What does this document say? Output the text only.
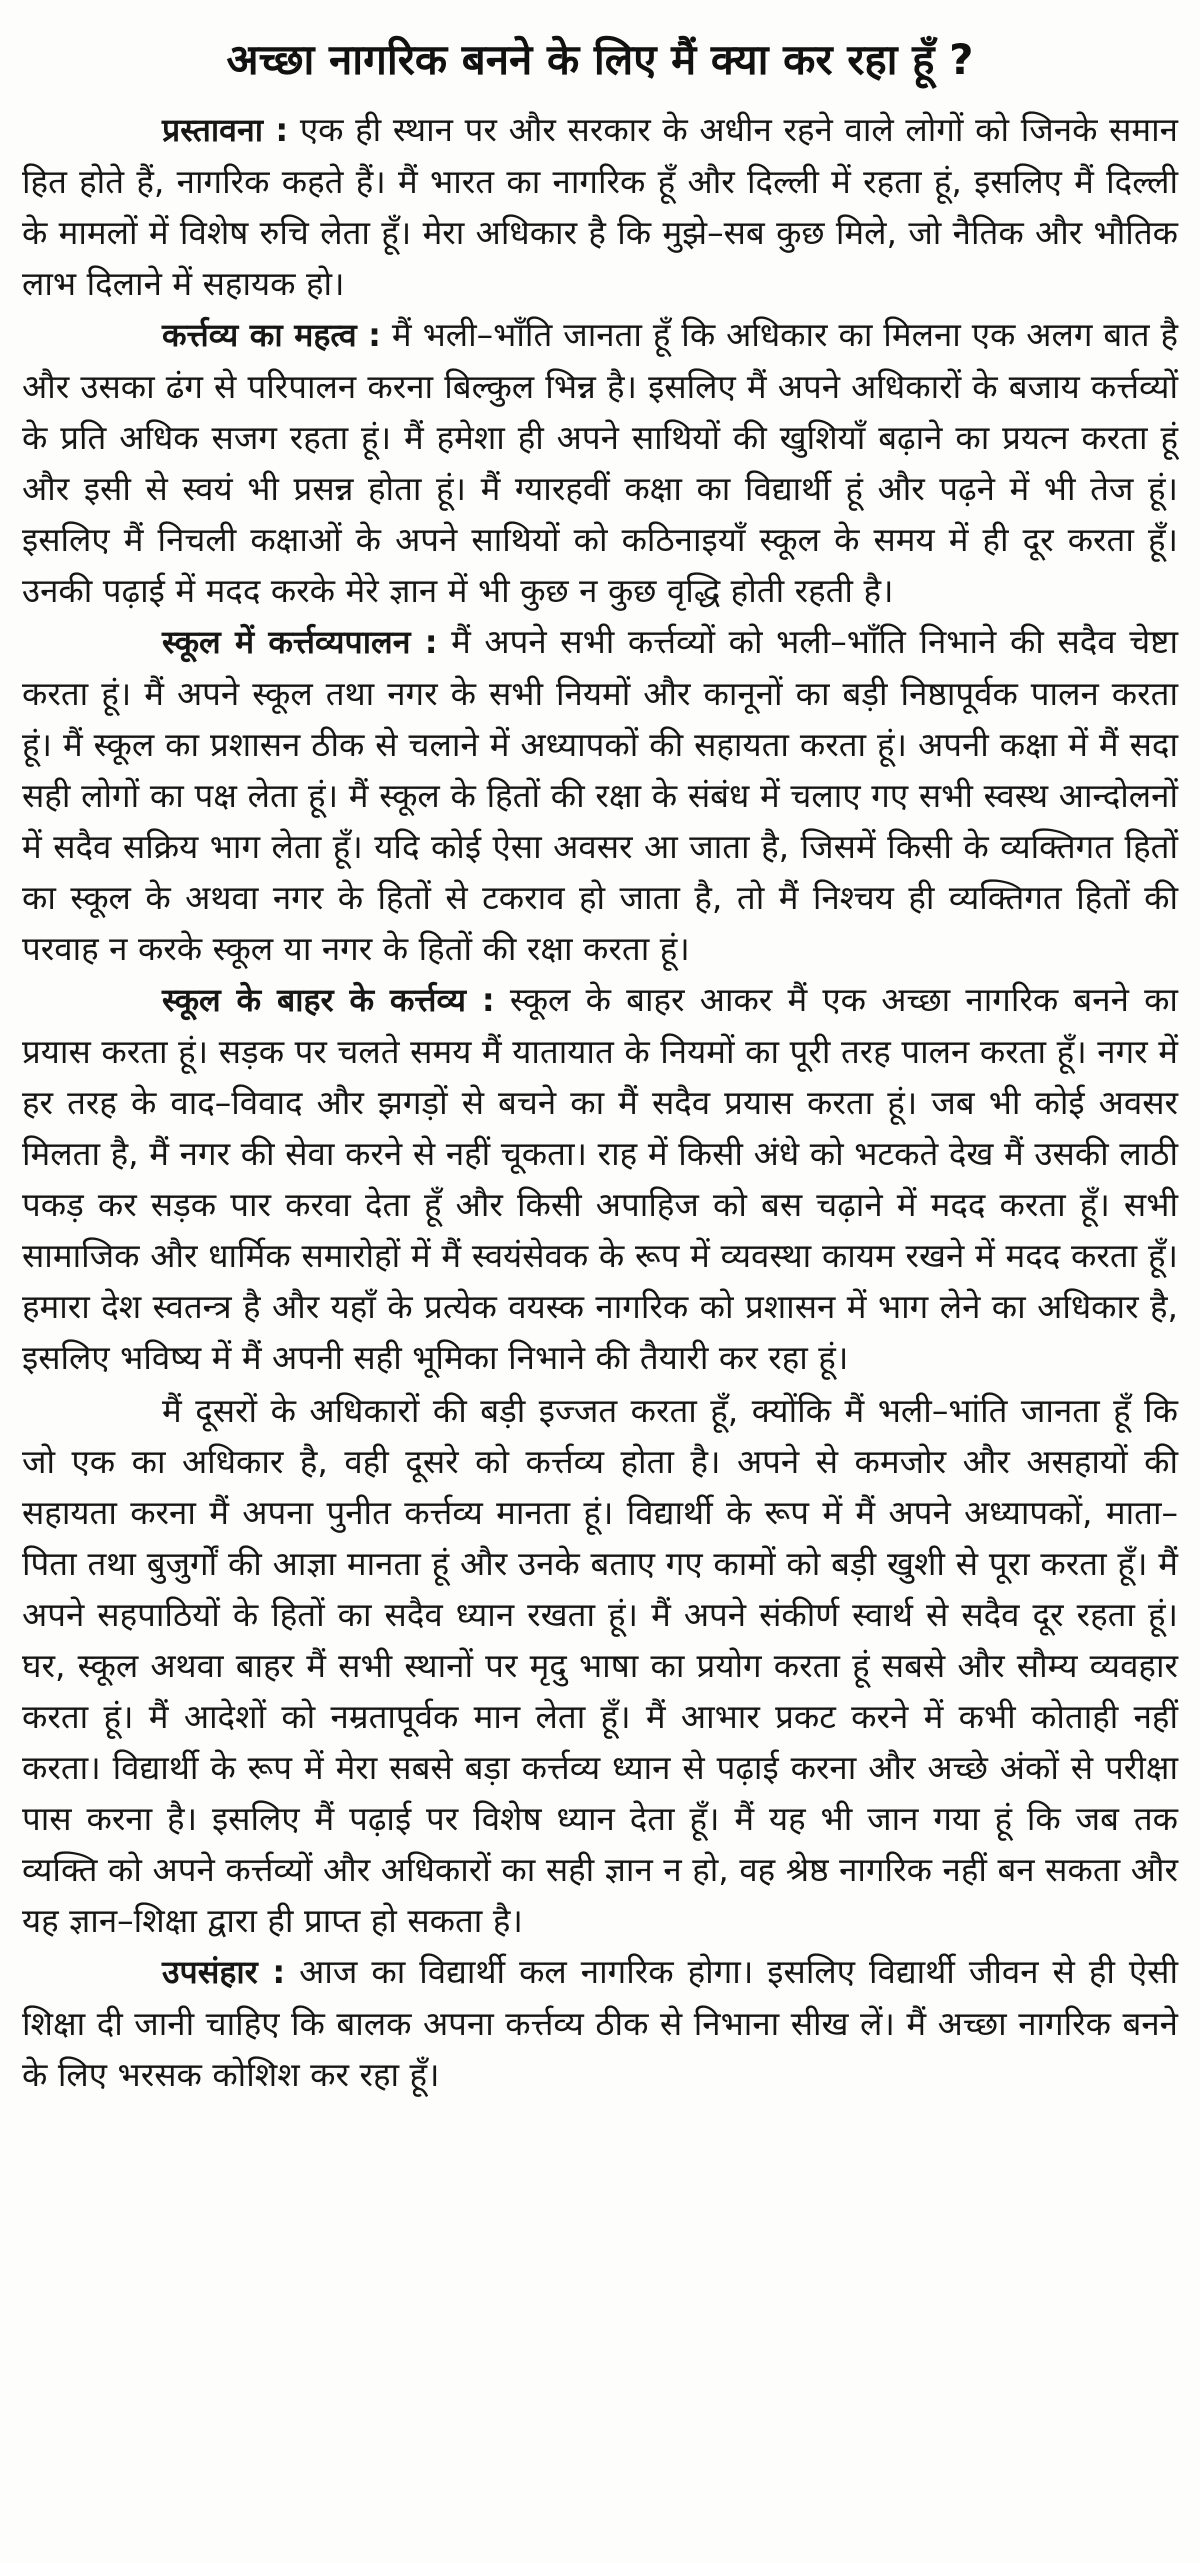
अच्छा नागरिक बनने के लिए मैं क्या कर रहा हूँ ?

प्रस्तावना : एक ही स्थान पर और सरकार के अधीन रहने वाले लोगों को जिनके समान हित होते हैं, नागरिक कहते हैं। मैं भारत का नागरिक हूँ और दिल्ली में रहता हूं, इसलिए मैं दिल्ली के मामलों में विशेष रुचि लेता हूँ। मेरा अधिकार है कि मुझे–सब कुछ मिले, जो नैतिक और भौतिक लाभ दिलाने में सहायक हो।

कर्त्तव्य का महत्व : मैं भली–भाँति जानता हूँ कि अधिकार का मिलना एक अलग बात है और उसका ढंग से परिपालन करना बिल्कुल भिन्न है। इसलिए मैं अपने अधिकारों के बजाय कर्त्तव्यों के प्रति अधिक सजग रहता हूं। मैं हमेशा ही अपने साथियों की खुशियाँ बढ़ाने का प्रयत्न करता हूं और इसी से स्वयं भी प्रसन्न होता हूं। मैं ग्यारहवीं कक्षा का विद्यार्थी हूं और पढ़ने में भी तेज हूं। इसलिए मैं निचली कक्षाओं के अपने साथियों को कठिनाइयाँ स्कूल के समय में ही दूर करता हूँ। उनकी पढ़ाई में मदद करके मेरे ज्ञान में भी कुछ न कुछ वृद्धि होती रहती है।

स्कूल में कर्त्तव्यपालन : मैं अपने सभी कर्त्तव्यों को भली–भाँति निभाने की सदैव चेष्टा करता हूं। मैं अपने स्कूल तथा नगर के सभी नियमों और कानूनों का बड़ी निष्ठापूर्वक पालन करता हूं। मैं स्कूल का प्रशासन ठीक से चलाने में अध्यापकों की सहायता करता हूं। अपनी कक्षा में मैं सदा सही लोगों का पक्ष लेता हूं। मैं स्कूल के हितों की रक्षा के संबंध में चलाए गए सभी स्वस्थ आन्दोलनों में सदैव सक्रिय भाग लेता हूँ। यदि कोई ऐसा अवसर आ जाता है, जिसमें किसी के व्यक्तिगत हितों का स्कूल के अथवा नगर के हितों से टकराव हो जाता है, तो मैं निश्चय ही व्यक्तिगत हितों की परवाह न करके स्कूल या नगर के हितों की रक्षा करता हूं।

स्कूल के बाहर के कर्त्तव्य : स्कूल के बाहर आकर मैं एक अच्छा नागरिक बनने का प्रयास करता हूं। सड़क पर चलते समय मैं यातायात के नियमों का पूरी तरह पालन करता हूँ। नगर में हर तरह के वाद–विवाद और झगड़ों से बचने का मैं सदैव प्रयास करता हूं। जब भी कोई अवसर मिलता है, मैं नगर की सेवा करने से नहीं चूकता। राह में किसी अंधे को भटकते देख मैं उसकी लाठी पकड़ कर सड़क पार करवा देता हूँ और किसी अपाहिज को बस चढ़ाने में मदद करता हूँ। सभी सामाजिक और धार्मिक समारोहों में मैं स्वयंसेवक के रूप में व्यवस्था कायम रखने में मदद करता हूँ। हमारा देश स्वतन्त्र है और यहाँ के प्रत्येक वयस्क नागरिक को प्रशासन में भाग लेने का अधिकार है, इसलिए भविष्य में मैं अपनी सही भूमिका निभाने की तैयारी कर रहा हूं।

मैं दूसरों के अधिकारों की बड़ी इज्जत करता हूँ, क्योंकि मैं भली–भांति जानता हूँ कि जो एक का अधिकार है, वही दूसरे को कर्त्तव्य होता है। अपने से कमजोर और असहायों की सहायता करना मैं अपना पुनीत कर्त्तव्य मानता हूं। विद्यार्थी के रूप में मैं अपने अध्यापकों, माता–पिता तथा बुजुर्गों की आज्ञा मानता हूं और उनके बताए गए कामों को बड़ी खुशी से पूरा करता हूँ। मैं अपने सहपाठियों के हितों का सदैव ध्यान रखता हूं। मैं अपने संकीर्ण स्वार्थ से सदैव दूर रहता हूं। घर, स्कूल अथवा बाहर मैं सभी स्थानों पर मृदु भाषा का प्रयोग करता हूं सबसे और सौम्य व्यवहार करता हूं। मैं आदेशों को नम्रतापूर्वक मान लेता हूँ। मैं आभार प्रकट करने में कभी कोताही नहीं करता। विद्यार्थी के रूप में मेरा सबसे बड़ा कर्त्तव्य ध्यान से पढ़ाई करना और अच्छे अंकों से परीक्षा पास करना है। इसलिए मैं पढ़ाई पर विशेष ध्यान देता हूँ। मैं यह भी जान गया हूं कि जब तक व्यक्ति को अपने कर्त्तव्यों और अधिकारों का सही ज्ञान न हो, वह श्रेष्ठ नागरिक नहीं बन सकता और यह ज्ञान–शिक्षा द्वारा ही प्राप्त हो सकता है।

उपसंहार : आज का विद्यार्थी कल नागरिक होगा। इसलिए विद्यार्थी जीवन से ही ऐसी शिक्षा दी जानी चाहिए कि बालक अपना कर्त्तव्य ठीक से निभाना सीख लें। मैं अच्छा नागरिक बनने के लिए भरसक कोशिश कर रहा हूँ।
